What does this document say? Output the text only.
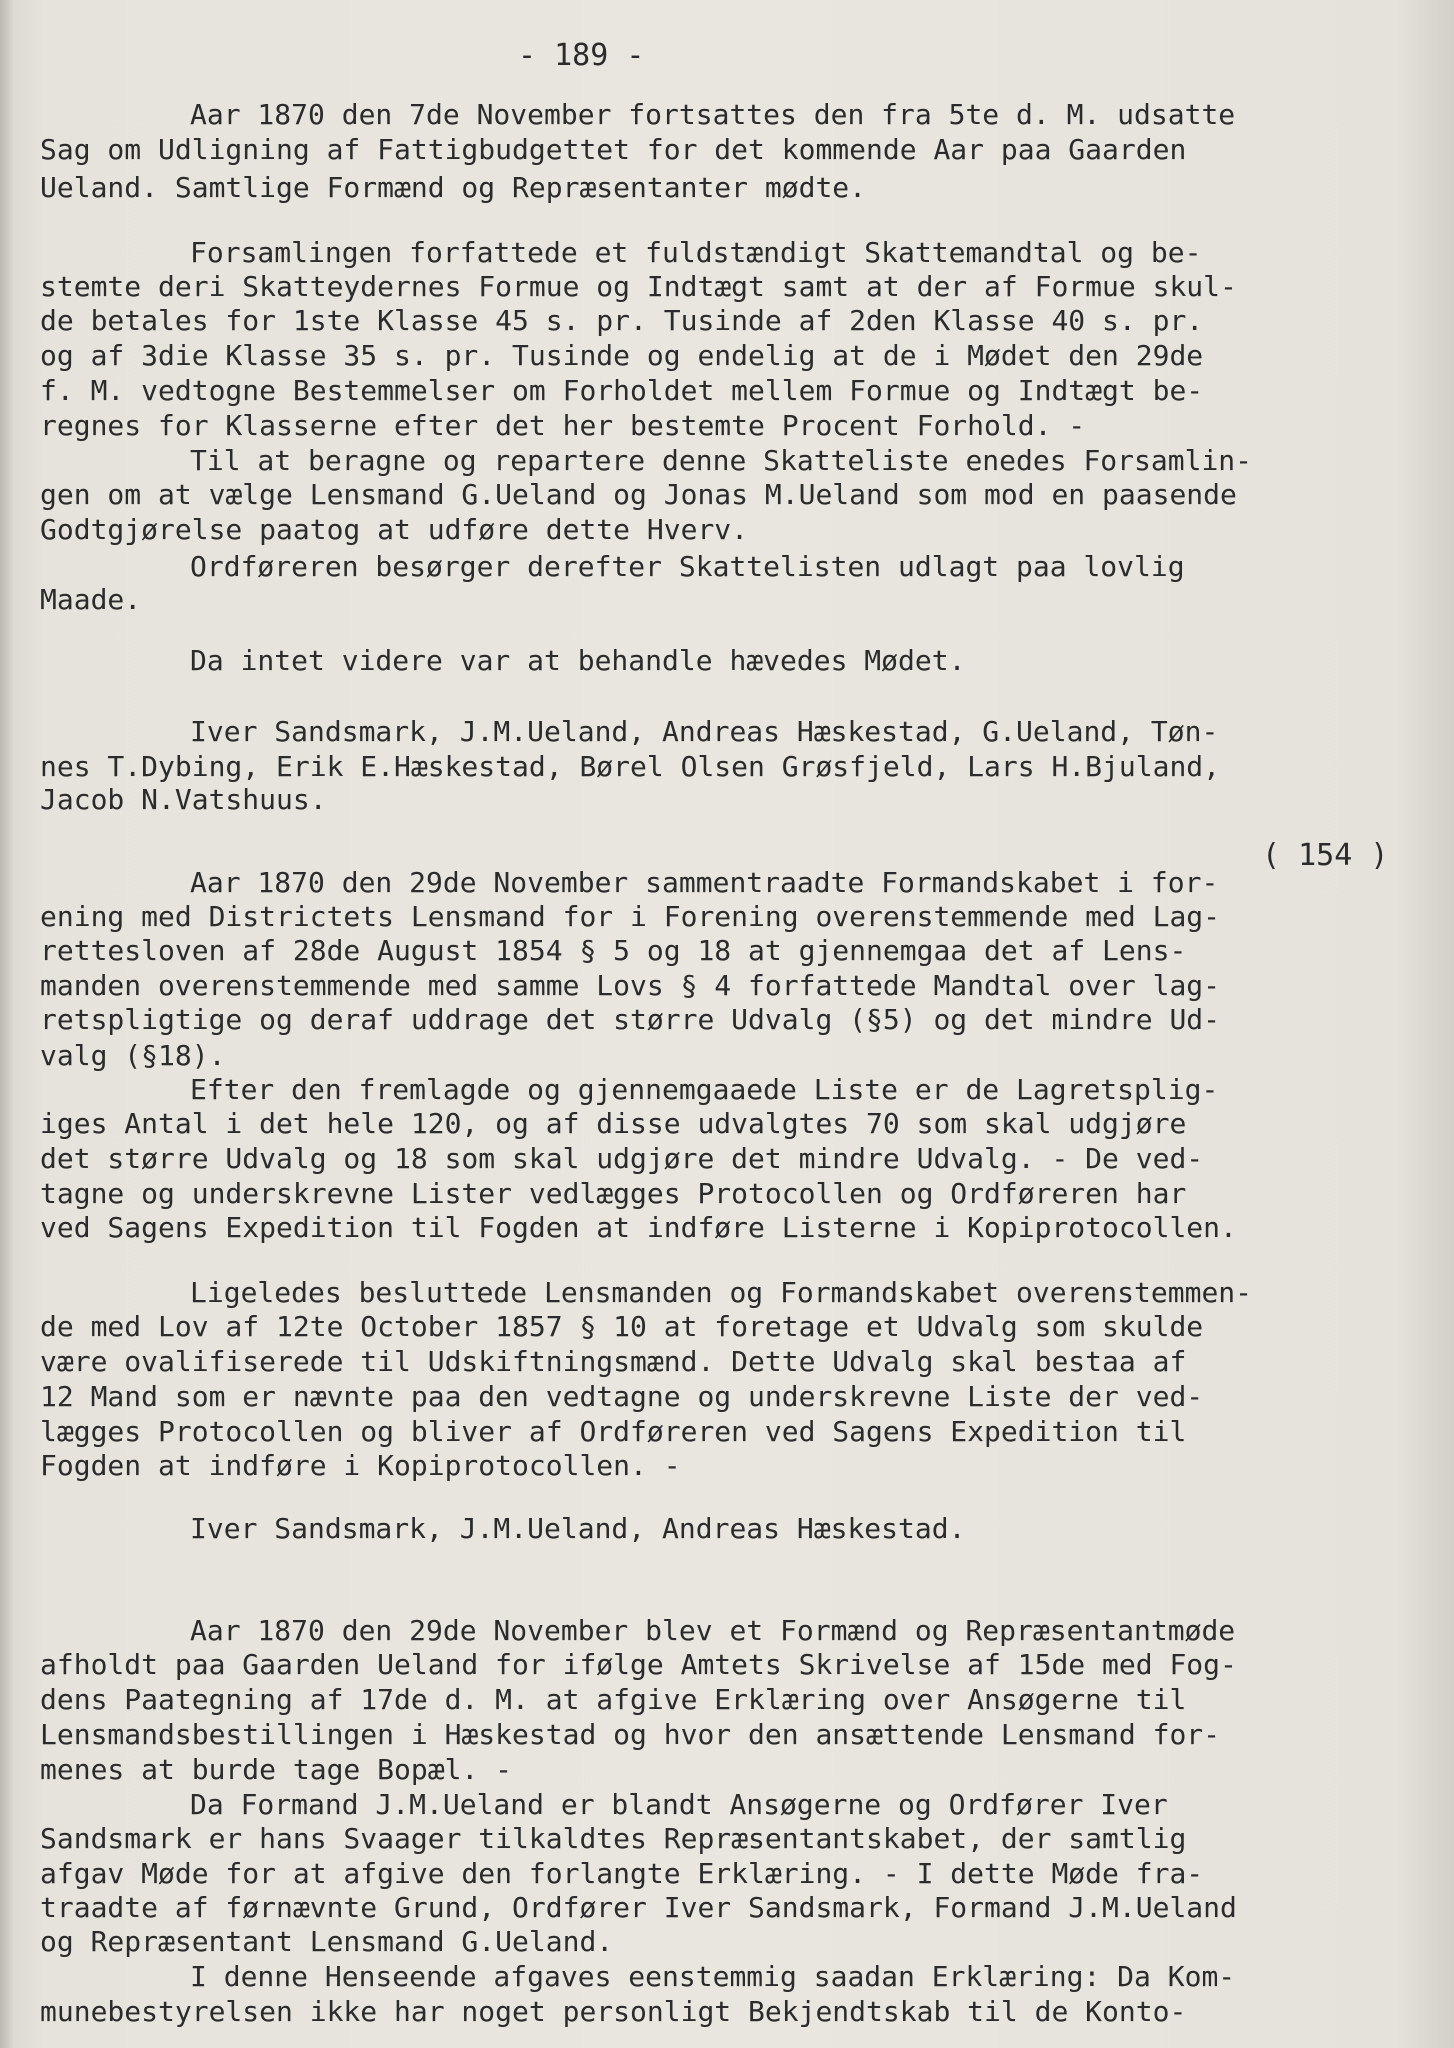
- 189 -
( 154 )
Aar 1870 den 7de November fortsattes den fra 5te d. M. udsatte
Sag om Udligning af Fattigbudgettet for det kommende Aar paa Gaarden
Ueland. Samtlige Formænd og Repræsentanter mødte.
Forsamlingen forfattede et fuldstændigt Skattemandtal og be-
stemte deri Skatteydernes Formue og Indtægt samt at der af Formue skul-
de betales for 1ste Klasse 45 s. pr. Tusinde af 2den Klasse 40 s. pr.
og af 3die Klasse 35 s. pr. Tusinde og endelig at de i Mødet den 29de
f. M. vedtogne Bestemmelser om Forholdet mellem Formue og Indtægt be-
regnes for Klasserne efter det her bestemte Procent Forhold. -
Til at beragne og repartere denne Skatteliste enedes Forsamlin-
gen om at vælge Lensmand G.Ueland og Jonas M.Ueland som mod en paasende
Godtgjørelse paatog at udføre dette Hverv.
Ordføreren besørger derefter Skattelisten udlagt paa lovlig
Maade.
Da intet videre var at behandle hævedes Mødet.
Iver Sandsmark, J.M.Ueland, Andreas Hæskestad, G.Ueland, Tøn-
nes T.Dybing, Erik E.Hæskestad, Børel Olsen Grøsfjeld, Lars H.Bjuland,
Jacob N.Vatshuus.
Aar 1870 den 29de November sammentraadte Formandskabet i for-
ening med Districtets Lensmand for i Forening overenstemmende med Lag-
rettesloven af 28de August 1854 § 5 og 18 at gjennemgaa det af Lens-
manden overenstemmende med samme Lovs § 4 forfattede Mandtal over lag-
retspligtige og deraf uddrage det større Udvalg (§5) og det mindre Ud-
valg (§18).
Efter den fremlagde og gjennemgaaede Liste er de Lagretsplig-
iges Antal i det hele 120, og af disse udvalgtes 70 som skal udgjøre
det større Udvalg og 18 som skal udgjøre det mindre Udvalg. - De ved-
tagne og underskrevne Lister vedlægges Protocollen og Ordføreren har
ved Sagens Expedition til Fogden at indføre Listerne i Kopiprotocollen.
Ligeledes besluttede Lensmanden og Formandskabet overenstemmen-
de med Lov af 12te October 1857 § 10 at foretage et Udvalg som skulde
være ovalifiserede til Udskiftningsmænd. Dette Udvalg skal bestaa af
12 Mand som er nævnte paa den vedtagne og underskrevne Liste der ved-
lægges Protocollen og bliver af Ordføreren ved Sagens Expedition til
Fogden at indføre i Kopiprotocollen. -
Iver Sandsmark, J.M.Ueland, Andreas Hæskestad.
Aar 1870 den 29de November blev et Formænd og Repræsentantmøde
afholdt paa Gaarden Ueland for ifølge Amtets Skrivelse af 15de med Fog-
dens Paategning af 17de d. M. at afgive Erklæring over Ansøgerne til
Lensmandsbestillingen i Hæskestad og hvor den ansættende Lensmand for-
menes at burde tage Bopæl. -
Da Formand J.M.Ueland er blandt Ansøgerne og Ordfører Iver
Sandsmark er hans Svaager tilkaldtes Repræsentantskabet, der samtlig
afgav Møde for at afgive den forlangte Erklæring. - I dette Møde fra-
traadte af førnævnte Grund, Ordfører Iver Sandsmark, Formand J.M.Ueland
og Repræsentant Lensmand G.Ueland.
I denne Henseende afgaves eenstemmig saadan Erklæring: Da Kom-
munebestyrelsen ikke har noget personligt Bekjendtskab til de Konto-
